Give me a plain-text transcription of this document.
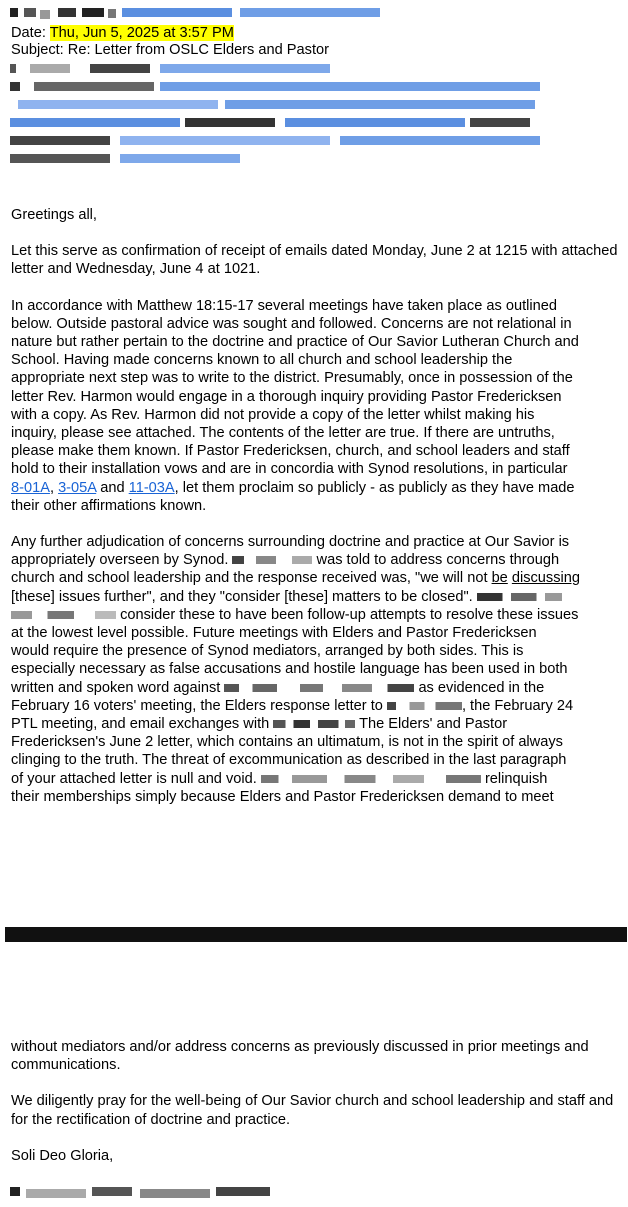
Date: Thu, Jun 5, 2025 at 3:57 PM
Subject: Re: Letter from OSLC Elders and Pastor

Greetings all,

Let this serve as confirmation of receipt of emails dated Monday, June 2 at 1215 with attached letter and Wednesday, June 4 at 1021.

In accordance with Matthew 18:15-17 several meetings have taken place as outlined
below. Outside pastoral advice was sought and followed. Concerns are not relational in
nature but rather pertain to the doctrine and practice of Our Savior Lutheran Church and
School. Having made concerns known to all church and school leadership the
appropriate next step was to write to the district. Presumably, once in possession of the
letter Rev. Harmon would engage in a thorough inquiry providing Pastor Fredericksen
with a copy. As Rev. Harmon did not provide a copy of the letter whilst making his
inquiry, please see attached. The contents of the letter are true. If there are untruths,
please make them known. If Pastor Fredericksen, church, and school leaders and staff
hold to their installation vows and are in concordia with Synod resolutions, in particular
8-01A, 3-05A and 11-03A, let them proclaim so publicly - as publicly as they have made
their other affirmations known.
Any further adjudication of concerns surrounding doctrine and practice at Our Savior is
appropriately overseen by Synod.	was told to address concerns through
church and school leadership and the response received was, "we will not be discussing
[these] issues further", and they "consider [these] matters to be closed".
consider these to have been follow-up attempts to resolve these issues
at the lowest level possible. Future meetings with Elders and Pastor Fredericksen
would require the presence of Synod mediators, arranged by both sides. This is
especially necessary as false accusations and hostile language has been used in both
written and spoken word against	as evidenced in the
February 16 voters' meeting, the Elders response letter to	, the February 24
PTL meeting, and email exchanges with	The Elders' and Pastor
Fredericksen's June 2 letter, which contains an ultimatum, is not in the spirit of always
clinging to the truth. The threat of excommunication as described in the last paragraph
of your attached letter is null and void.	relinquish
their memberships simply because Elders and Pastor Fredericksen demand to meet

without mediators and/or address concerns as previously discussed in prior meetings and communications.

We diligently pray for the well-being of Our Savior church and school leadership and staff and for the rectification of doctrine and practice.

Soli Deo Gloria,
